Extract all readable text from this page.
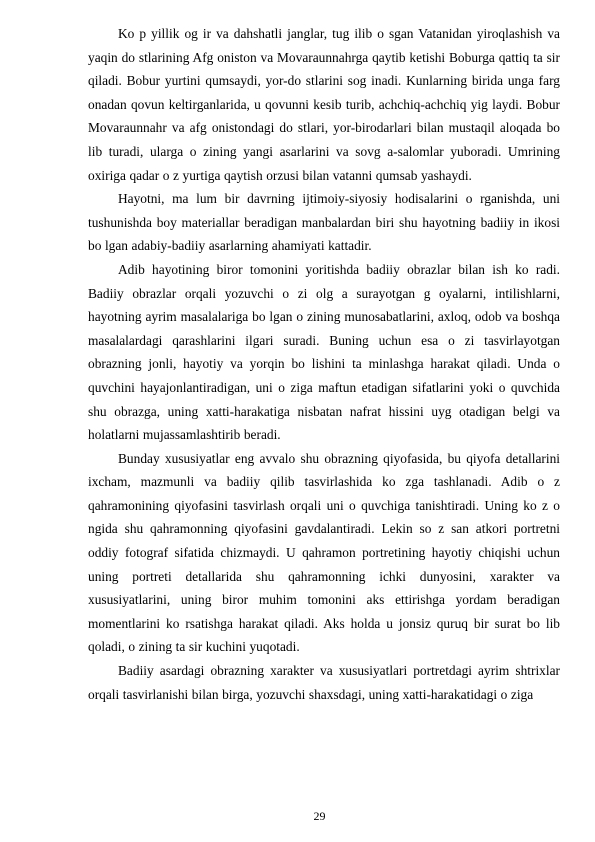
Ko p yillik og ir va dahshatli janglar, tug ilib o sgan Vatanidan yiroqlashish va yaqin do stlarining Afg oniston va Movaraunnahrga qaytib ketishi Boburga qattiq ta sir qiladi. Bobur yurtini qumsaydi, yor-do stlarini sog inadi. Kunlarning birida unga farg onadan qovun keltirganlarida, u qovunni kesib turib, achchiq-achchiq yig laydi. Bobur Movaraunnahr va afg onistondagi do stlari, yor-birodarlari bilan mustaqil aloqada bo lib turadi, ularga o zining yangi asarlarini va sovg a-salomlar yuboradi. Umrining oxiriga qadar o z yurtiga qaytish orzusi bilan vatanni qumsab yashaydi.

Hayotni, ma lum bir davrning ijtimoiy-siyosiy hodisalarini o rganishda, uni tushunishda boy materiallar beradigan manbalardan biri shu hayotning badiiy in ikosi bo lgan adabiy-badiiy asarlarning ahamiyati kattadir.

Adib hayotining biror tomonini yoritishda badiiy obrazlar bilan ish ko radi. Badiiy obrazlar orqali yozuvchi o zi olg a surayotgan g oyalarni, intilishlarni, hayotning ayrim masalalariga bo lgan o zining munosabatlarini, axloq, odob va boshqa masalalardagi qarashlarini ilgari suradi. Buning uchun esa o zi tasvirlayotgan obrazning jonli, hayotiy va yorqin bo lishini ta minlashga harakat qiladi. Unda o quvchini hayajonlantiradigan, uni o ziga maftun etadigan sifatlarini yoki o quvchida shu obrazga, uning xatti-harakatiga nisbatan nafrat hissini uyg otadigan belgi va holatlarni mujassamlashtirib beradi.

Bunday xususiyatlar eng avvalo shu obrazning qiyofasida, bu qiyofa detallarini ixcham, mazmunli va badiiy qilib tasvirlashida ko zga tashlanadi. Adib o z qahramonining qiyofasini tasvirlash orqali uni o quvchiga tanishtiradi. Uning ko z o ngida shu qahramonning qiyofasini gavdalantiradi. Lekin so z san atkori portretni oddiy fotograf sifatida chizmaydi. U qahramon portretining hayotiy chiqishi uchun uning portreti detallarida shu qahramonning ichki dunyosini, xarakter va xususiyatlarini, uning biror muhim tomonini aks ettirishga yordam beradigan momentlarini ko rsatishga harakat qiladi. Aks holda u jonsiz quruq bir surat bo lib qoladi, o zining ta sir kuchini yuqotadi.

Badiiy asardagi obrazning xarakter va xususiyatlari portretdagi ayrim shtrixlar orqali tasvirlanishi bilan birga, yozuvchi shaxsdagi, uning xatti-harakatidagi o ziga

29
